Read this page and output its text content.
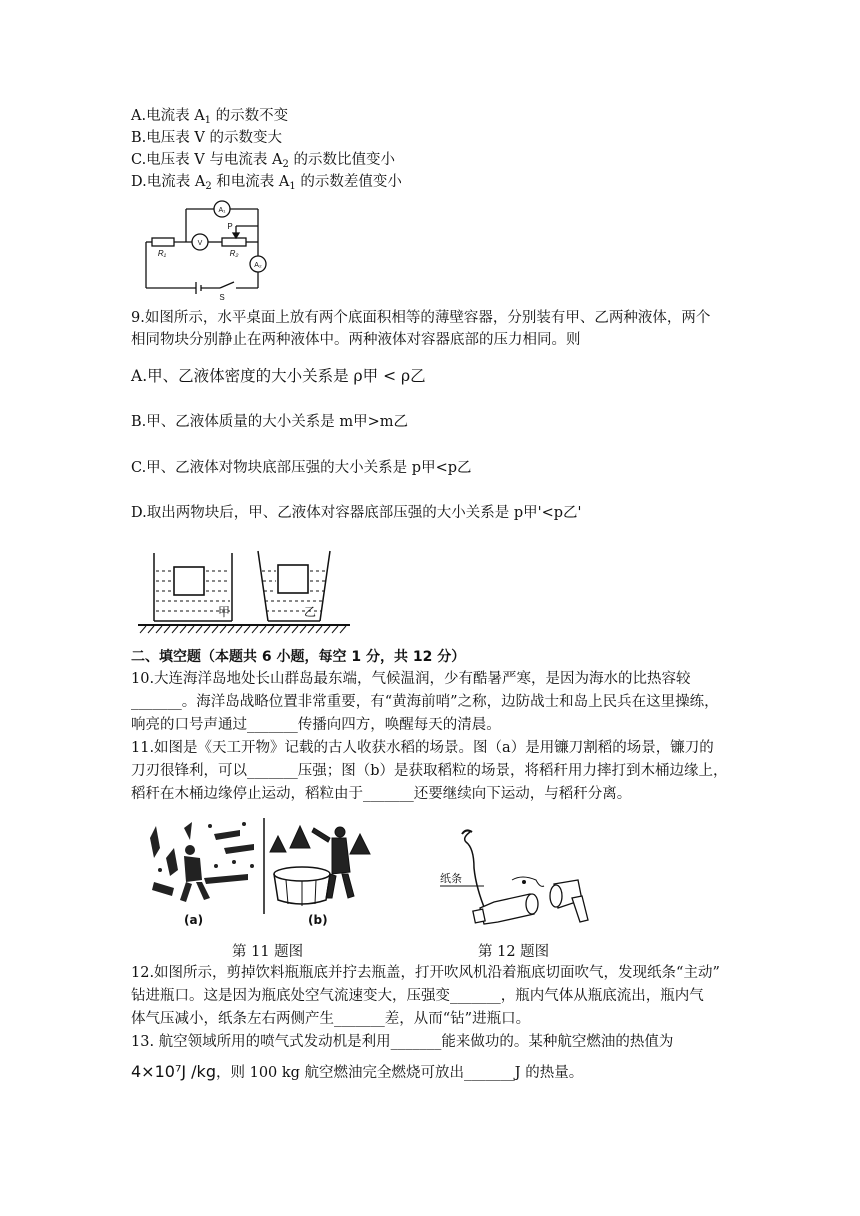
A.电流表 $A_1$ 的示数不变
B.电压表 V 的示数变大
C.电压表 V 与电流表 $A_2$ 的示数比值变小
D.电流表 $A_2$ 和电流表 $A_1$ 的示数差值变小
A₁
V
A₂
P
R₁	R₂
S
9.如图所示，水平桌面上放有两个底面积相等的薄壁容器，分别装有甲、乙两种液体，两个
相同物块分别静止在两种液体中。两种液体对容器底部的压力相同。则
A.甲、乙液体密度的大小关系是 ρ甲 < ρ乙
B.甲、乙液体质量的大小关系是 m甲>m乙
C.甲、乙液体对物块底部压强的大小关系是 p甲<p乙
D.取出两物块后，甲、乙液体对容器底部压强的大小关系是 p甲'<p乙'
甲	乙
二、填空题（本题共 6 小题，每空 1 分，共 12 分）
10.大连海洋岛地处长山群岛最东端，气候温润，少有酷暑严寒，是因为海水的比热容较
_______。海洋岛战略位置非常重要，有“黄海前哨”之称，边防战士和岛上民兵在这里操练，
响亮的口号声通过_______传播向四方，唤醒每天的清晨。
11.如图是《天工开物》记载的古人收获水稻的场景。图（a）是用镰刀割稻的场景，镰刀的
刀刃很锋利，可以_______压强；图（b）是获取稻粒的场景，将稻秆用力摔打到木桶边缘上，
稻秆在木桶边缘停止运动，稻粒由于_______还要继续向下运动，与稻秆分离。
(a)	(b)
纸条
第 11 题图	第 12 题图
12.如图所示，剪掉饮料瓶瓶底并拧去瓶盖，打开吹风机沿着瓶底切面吹气，发现纸条“主动”
钻进瓶口。这是因为瓶底处空气流速变大，压强变_______，瓶内气体从瓶底流出，瓶内气
体气压减小，纸条左右两侧产生_______差，从而“钻”进瓶口。
13. 航空领域所用的喷气式发动机是利用_______能来做功的。某种航空燃油的热值为
4×10⁷J /kg，则 100 kg 航空燃油完全燃烧可放出_______J 的热量。
